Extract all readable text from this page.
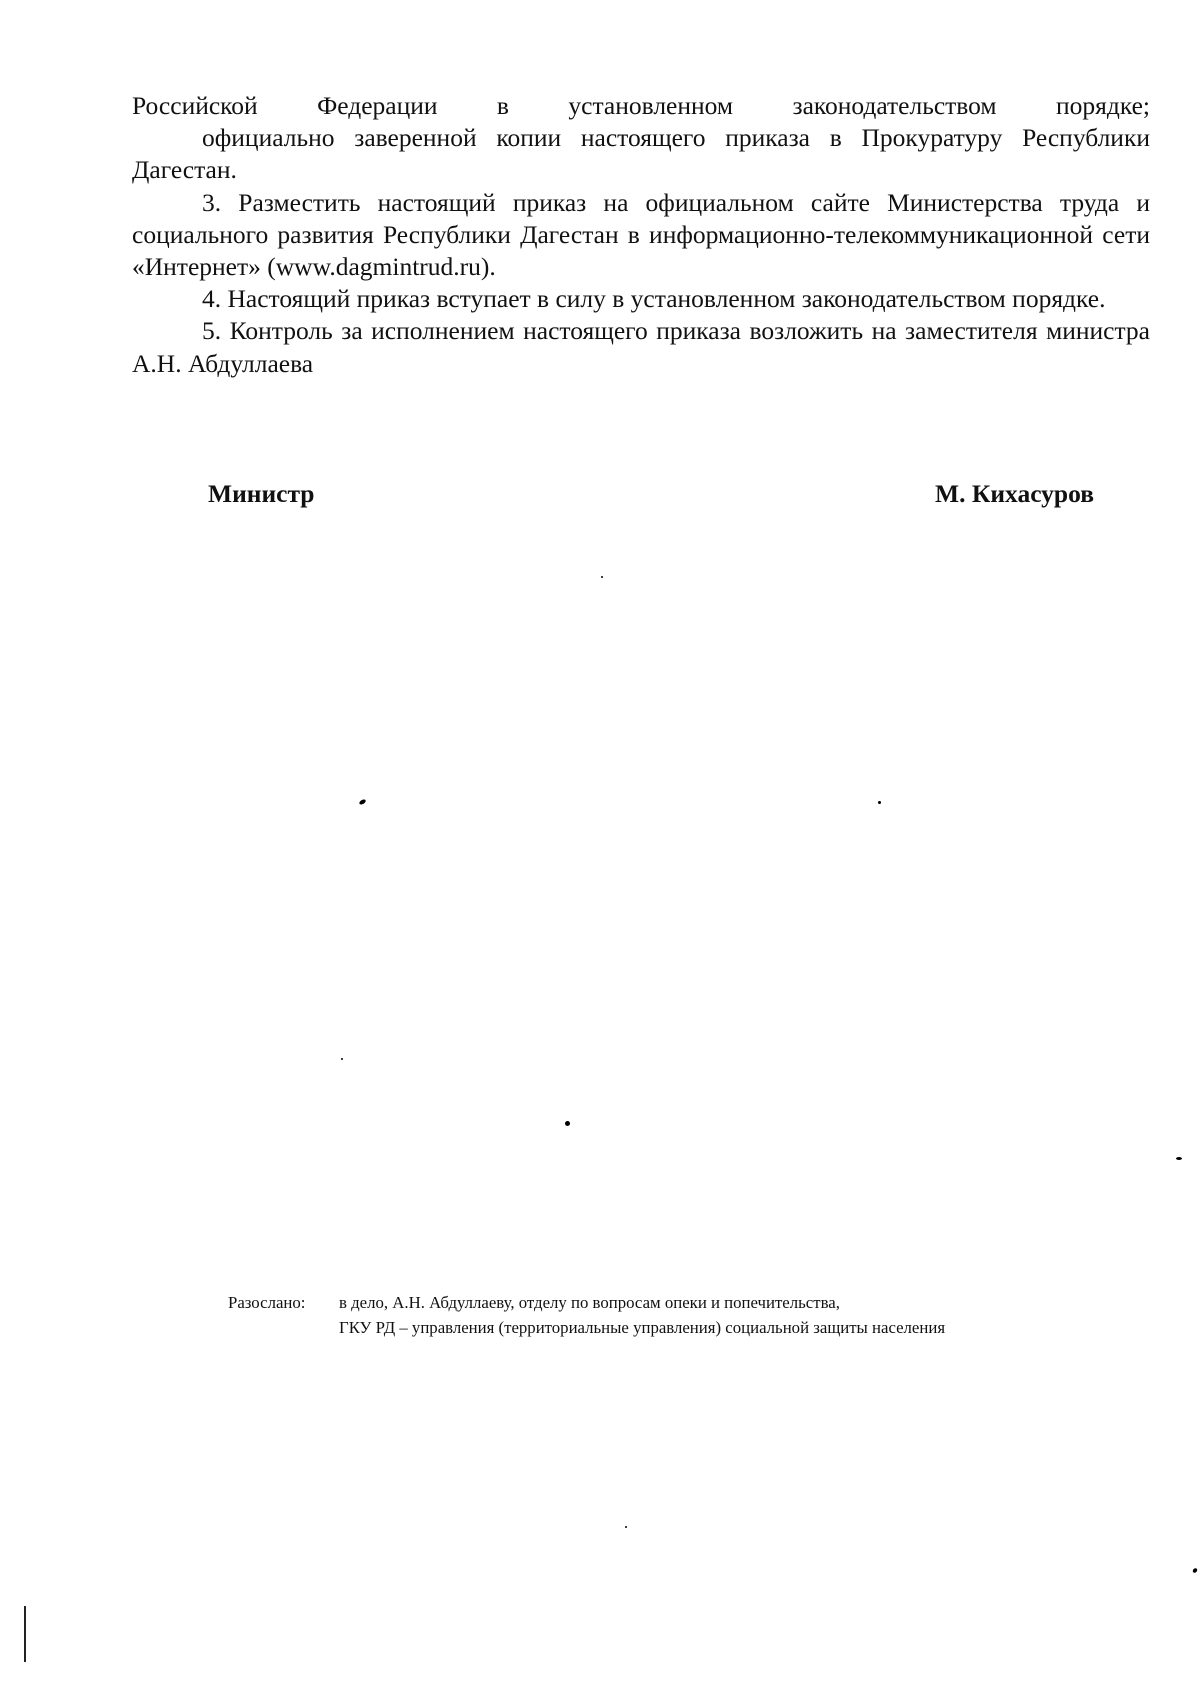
Российской Федерации в установленном законодательством порядке;

официально заверенной копии настоящего приказа в Прокуратуру Республики Дагестан.

3. Разместить настоящий приказ на официальном сайте Министерства труда и социального развития Республики Дагестан в информационно-телекоммуникационной сети «Интернет» (www.dagmintrud.ru).

4. Настоящий приказ вступает в силу в установленном законодательством порядке.

5. Контроль за исполнением настоящего приказа возложить на заместителя министра А.Н. Абдуллаева

Министр	М. Кихасуров
Разослано:	в дело, А.Н. Абдуллаеву, отделу по вопросам опеки и попечительства,
ГКУ РД – управления (территориальные управления) социальной защиты населения
